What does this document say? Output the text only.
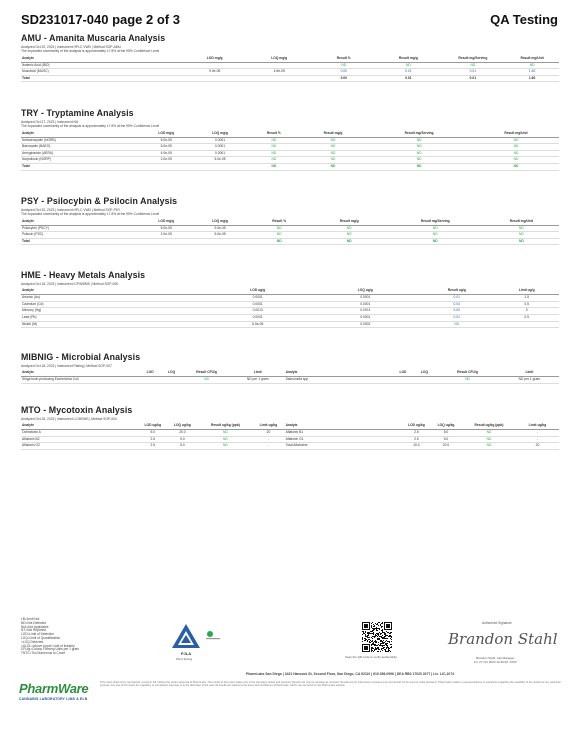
SD231017-040 page 2 of 3	QA Testing
AMU - Amanita Muscaria Analysis
Analyzed Oct 20, 2023 | Instrument HPLC VWD | Method SOP-AMU
The expanded uncertainty of the analysis is approximately ±7.8% at the 95% Confidence Level
Analyte	LOD mg/g	LOQ mg/g	Result %	Result mg/g	Result mg/Serving	Result mg/Unit
Ibotenic Acid (IBO)			ND	ND	ND	ND
Muscimol (MUSC)	9.0e-05	4.5e-05	0.00	0.01	0.01	1.60
Total			0.00	0.01	0.01	1.60
TRY - Tryptamine Analysis
Analyzed Oct 27, 2023 | Instrument NA
The expanded uncertainty of the analysis is approximately ±7.8% at the 95% Confidence Level
Analyte	LOD mg/g	LOQ mg/g	Result %	Result mg/g	Result mg/Serving	Result mg/Unit
Norbaeocystin (NORB)	5.0e-05	0.0001	ND	ND	ND	ND
Baeocystin (BAEO)	5.0e-05	0.0001	ND	ND	ND	ND
Aeruginascin (AERU)	4.0e-05	0.0001	ND	ND	ND	ND
Norpsilocin (NORP)	2.0e-05	5.0e-05	ND	ND	ND	ND
Total			ND	ND	ND	ND
PSY - Psilocybin & Psilocin Analysis
Analyzed Oct 20, 2023 | Instrument HPLC VWD | Method SOP-PSY
The expanded uncertainty of the analysis is approximately ±7.8% at the 95% Confidence Level
Analyte	LOD mg/g	LOQ mg/g	Result %	Result mg/g	Result mg/Serving	Result mg/Unit
Psilocybin (PSCY)	5.0e-05	9.0e-05	ND	ND	ND	ND
Psilocin (PSC)	2.0e-05	5.0e-05	ND	ND	ND	ND
Total			ND	ND	ND	ND
HME - Heavy Metals Analysis
Analyzed Oct 18, 2023 | Instrument ICP/MSMS | Method SOP-005
Analyte	LOD ug/g	LOQ ug/g	Result ug/g	Limit ug/g
Arsenic (As)	0.0001	0.0001	0.01	1.5
Cadmium (Cd)	0.0001	0.0001	0.04	0.5
Mercury (Hg)	0.0013	0.0074	0.00	3
Lead (Pb)	0.0001	0.0001	0.01	0.5
Nickel (Ni)	6.0e-05	0.0002	ND	
MIBNIG - Microbial Analysis
Analyzed Oct 18, 2023 | Instrument Plating | Method SOP-007
Analyte	LOD	LOQ	Result CFU/g	Limit	Analyte	LOD	LOQ	Result CFU/g	Limit
Shiga toxin-producing Escherichia Coli			ND	ND per 1 gram	Salmonella spp.			ND	ND per 1 gram
MTO - Mycotoxin Analysis
Analyzed Oct 18, 2023 | Instrument LC/MSMS | Method SOP-004
Analyte	LOD ug/kg	LOQ ug/kg	Result ug/kg (ppb)	Limit ug/kg	Analyte	LOD ug/kg	LOQ ug/kg	Result ug/kg (ppb)	Limit ug/kg
Ochratoxin A	5.0	20.0	ND	20	Aflatoxin B1	2.5	5.0	ND	-
Aflatoxin B2	2.5	5.0	ND	-	Aflatoxin G1	2.5	5.0	ND	-
Aflatoxin G2	2.5	5.0	ND	-	Total Aflatoxins	10.0	20.0	ND	20
LB=Limit Not
ND=Not Detected
N/A=Not Applicable
NT=Not Reported
LOD=Limit of Detection
LOQ=Limit of Quantification
<LOQ Detected
>ULOL=Above Upper Limit of linearity
CFU/g=Colony Forming Units per 1 gram
TNTC=Too Numerous to Count
PharmWare
CANNABIS LABORATORY LIMS & ELN
PJLA
PJLA Testing	Scan the QR code to verify authenticity.
Authorized Signature
Brandon Stahl
Brandon Stahl, Lab Manager
Fri, 27 Oct 2023 12:46:00 -0700
PharmLabs San Diego | 3421 Hancock St, Second Floor, San Diego, CA 92110 | 619.356.0996 | DEA RB0 17020 3077 | Lic. LIC-1074
This report shall not be reproduced, except in full, without the written approval of PharmLabs. The results of this report relate only to the sample(s) tested and received. Results are only for samples as received. Results are for information purposes only and should not be used to make decisions. PharmLabs makes no representations or warranties regarding the suitability of the results for any particular purpose. Any use of this report for regulatory or compliance purposes is at the discretion of the user. All results are subject to the terms and conditions of PharmLabs, which may be found on the PharmLabs website.
